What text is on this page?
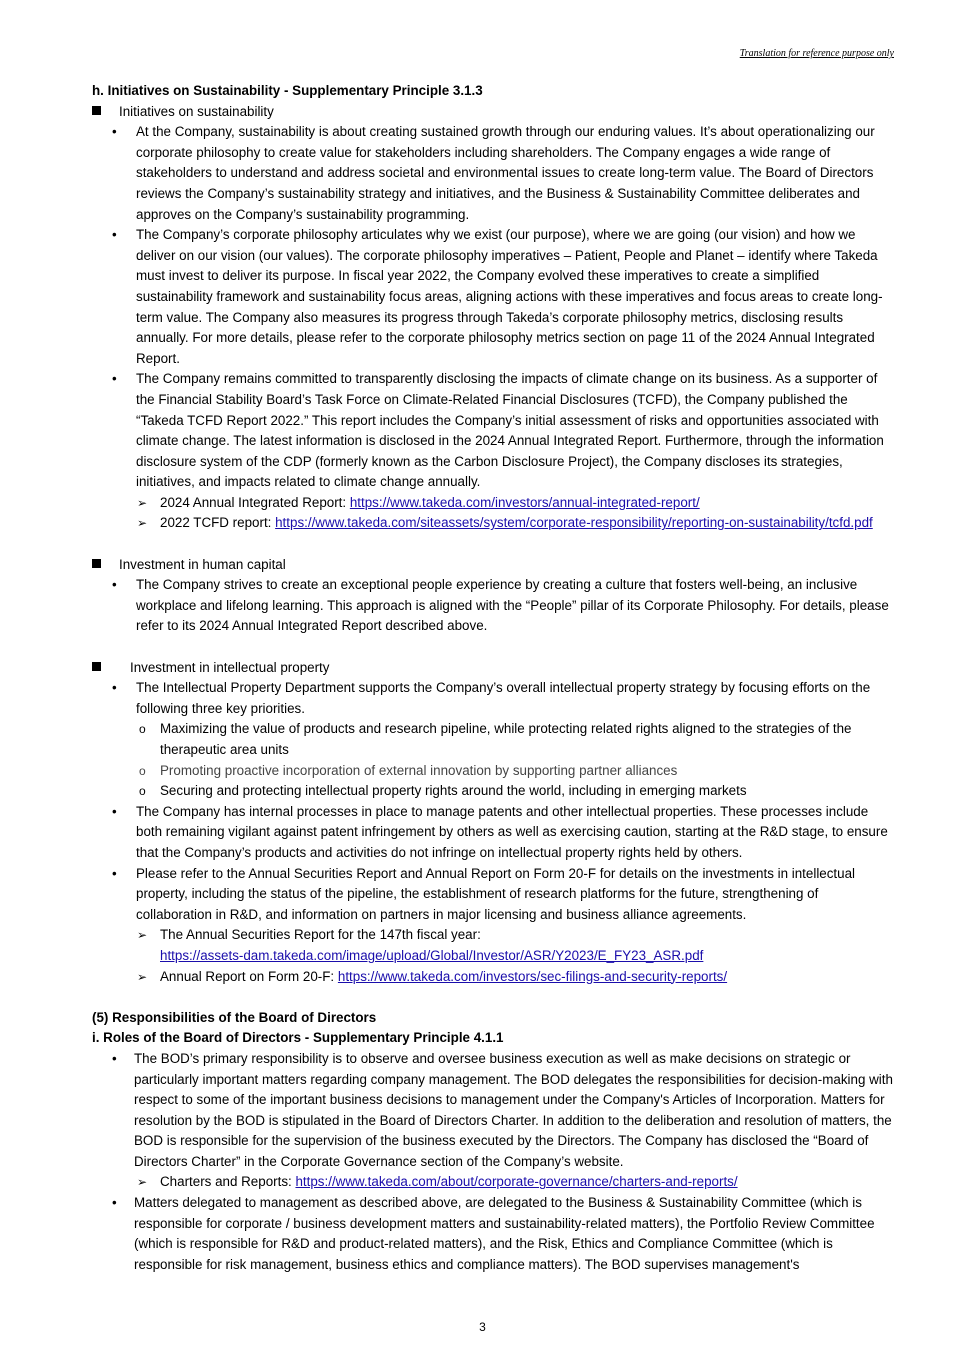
Translation for reference purpose only
h. Initiatives on Sustainability - Supplementary Principle 3.1.3
Initiatives on sustainability
• At the Company, sustainability is about creating sustained growth through our enduring values. It’s about operationalizing our corporate philosophy to create value for stakeholders including shareholders. The Company engages a wide range of stakeholders to understand and address societal and environmental issues to create long-term value. The Board of Directors reviews the Company’s sustainability strategy and initiatives, and the Business & Sustainability Committee deliberates and approves on the Company’s sustainability programming.
• The Company’s corporate philosophy articulates why we exist (our purpose), where we are going (our vision) and how we deliver on our vision (our values). The corporate philosophy imperatives – Patient, People and Planet – identify where Takeda must invest to deliver its purpose. In fiscal year 2022, the Company evolved these imperatives to create a simplified sustainability framework and sustainability focus areas, aligning actions with these imperatives and focus areas to create long-term value. The Company also measures its progress through Takeda’s corporate philosophy metrics, disclosing results annually. For more details, please refer to the corporate philosophy metrics section on page 11 of the 2024 Annual Integrated Report.
• The Company remains committed to transparently disclosing the impacts of climate change on its business. As a supporter of the Financial Stability Board’s Task Force on Climate-Related Financial Disclosures (TCFD), the Company published the “Takeda TCFD Report 2022.” This report includes the Company’s initial assessment of risks and opportunities associated with climate change. The latest information is disclosed in the 2024 Annual Integrated Report. Furthermore, through the information disclosure system of the CDP (formerly known as the Carbon Disclosure Project), the Company discloses its strategies, initiatives, and impacts related to climate change annually.
➢ 2024 Annual Integrated Report: https://www.takeda.com/investors/annual-integrated-report/
➢ 2022 TCFD report: https://www.takeda.com/siteassets/system/corporate-responsibility/reporting-on-sustainability/tcfd.pdf
Investment in human capital
• The Company strives to create an exceptional people experience by creating a culture that fosters well-being, an inclusive workplace and lifelong learning. This approach is aligned with the “People” pillar of its Corporate Philosophy. For details, please refer to its 2024 Annual Integrated Report described above.
Investment in intellectual property
• The Intellectual Property Department supports the Company’s overall intellectual property strategy by focusing efforts on the following three key priorities.
o Maximizing the value of products and research pipeline, while protecting related rights aligned to the strategies of the therapeutic area units
o Promoting proactive incorporation of external innovation by supporting partner alliances
o Securing and protecting intellectual property rights around the world, including in emerging markets
• The Company has internal processes in place to manage patents and other intellectual properties. These processes include both remaining vigilant against patent infringement by others as well as exercising caution, starting at the R&D stage, to ensure that the Company’s products and activities do not infringe on intellectual property rights held by others.
• Please refer to the Annual Securities Report and Annual Report on Form 20-F for details on the investments in intellectual property, including the status of the pipeline, the establishment of research platforms for the future, strengthening of collaboration in R&D, and information on partners in major licensing and business alliance agreements.
➢ The Annual Securities Report for the 147th fiscal year:
https://assets-dam.takeda.com/image/upload/Global/Investor/ASR/Y2023/E_FY23_ASR.pdf
➢ Annual Report on Form 20-F: https://www.takeda.com/investors/sec-filings-and-security-reports/
(5) Responsibilities of the Board of Directors
i. Roles of the Board of Directors - Supplementary Principle 4.1.1
• The BOD’s primary responsibility is to observe and oversee business execution as well as make decisions on strategic or particularly important matters regarding company management. The BOD delegates the responsibilities for decision-making with respect to some of the important business decisions to management under the Company's Articles of Incorporation. Matters for resolution by the BOD is stipulated in the Board of Directors Charter. In addition to the deliberation and resolution of matters, the BOD is responsible for the supervision of the business executed by the Directors. The Company has disclosed the “Board of Directors Charter” in the Corporate Governance section of the Company’s website.
➢ Charters and Reports: https://www.takeda.com/about/corporate-governance/charters-and-reports/
• Matters delegated to management as described above, are delegated to the Business & Sustainability Committee (which is responsible for corporate / business development matters and sustainability-related matters), the Portfolio Review Committee (which is responsible for R&D and product-related matters), and the Risk, Ethics and Compliance Committee (which is responsible for risk management, business ethics and compliance matters). The BOD supervises management's
3
